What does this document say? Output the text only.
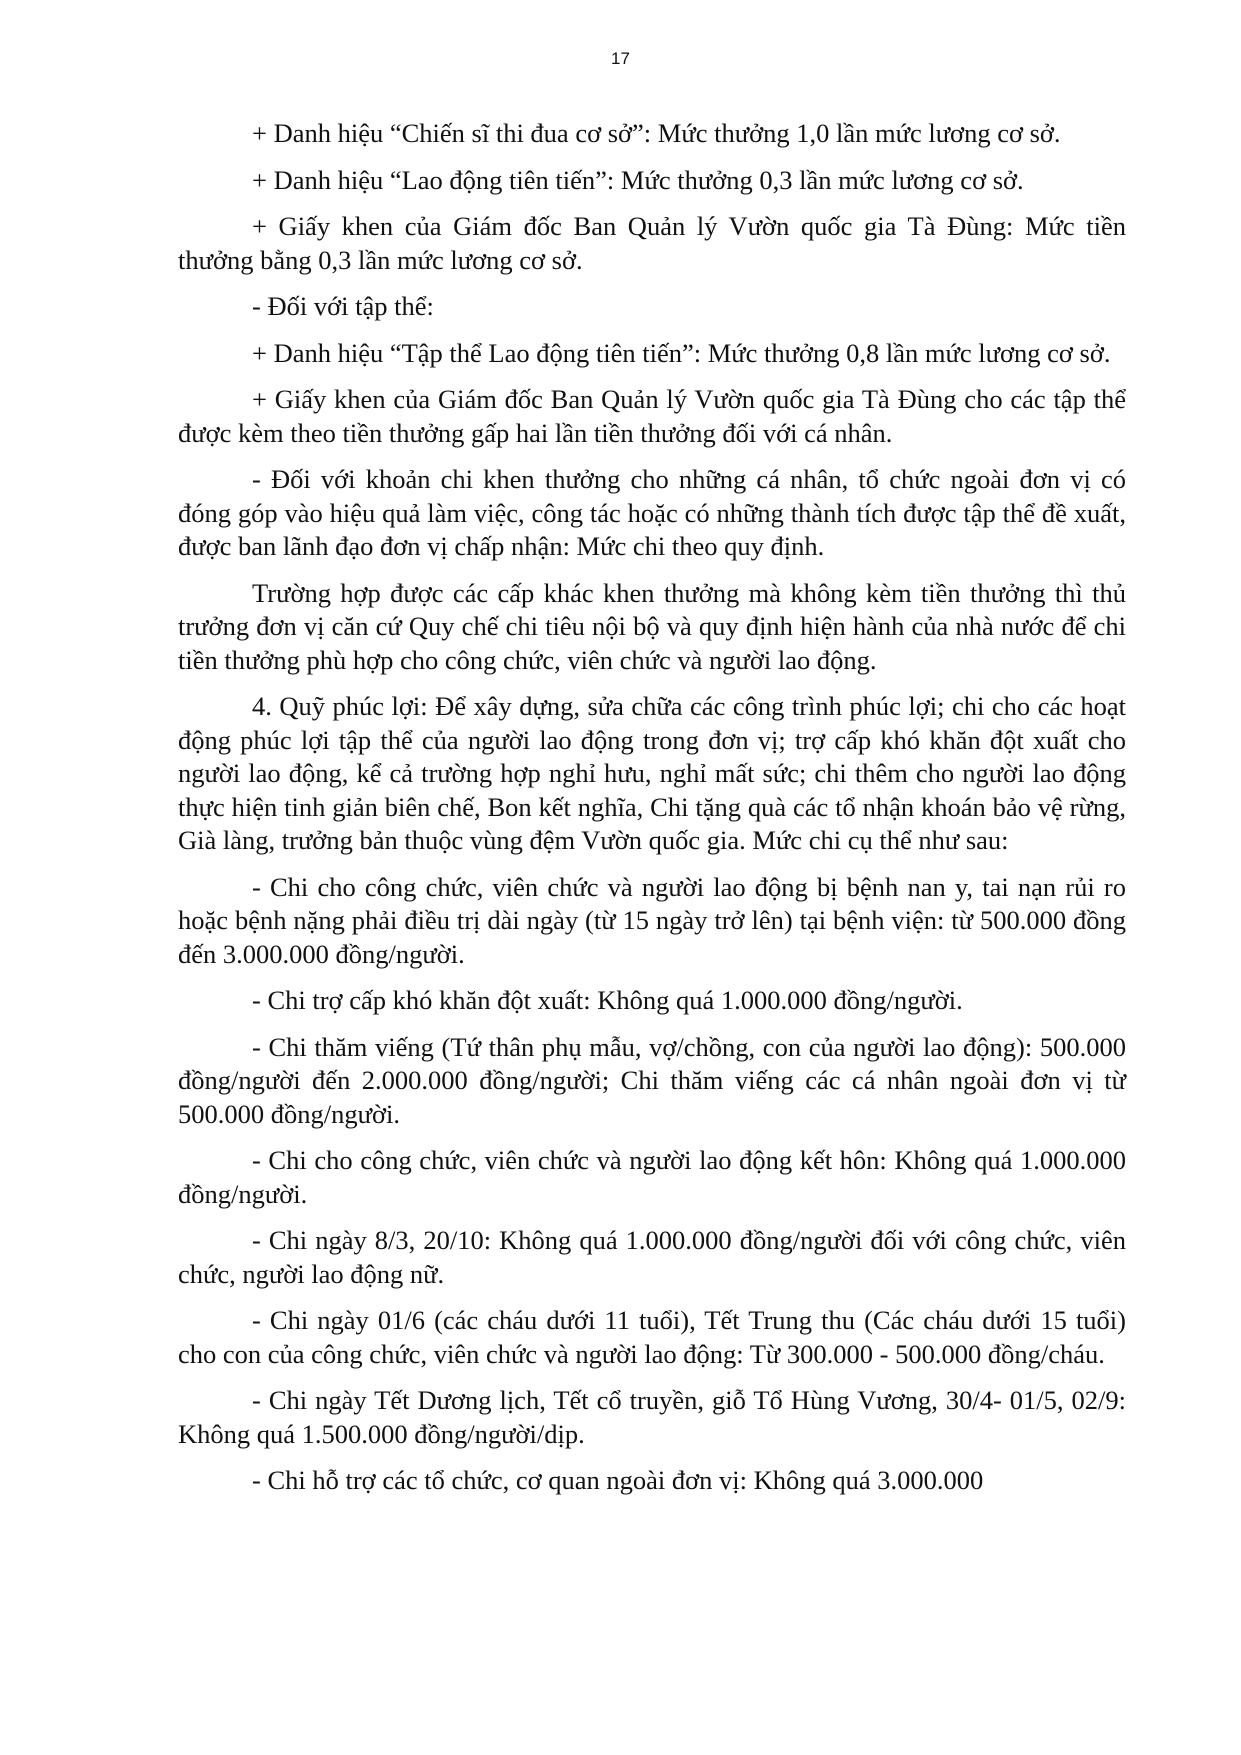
17

+ Danh hiệu “Chiến sĩ thi đua cơ sở”: Mức thưởng 1,0 lần mức lương cơ sở.

+ Danh hiệu “Lao động tiên tiến”: Mức thưởng 0,3 lần mức lương cơ sở.

+ Giấy khen của Giám đốc Ban Quản lý Vườn quốc gia Tà Đùng: Mức tiền thưởng bằng 0,3 lần mức lương cơ sở.

- Đối với tập thể:

+ Danh hiệu “Tập thể Lao động tiên tiến”: Mức thưởng 0,8 lần mức lương cơ sở.

+ Giấy khen của Giám đốc Ban Quản lý Vườn quốc gia Tà Đùng cho các tập thể được kèm theo tiền thưởng gấp hai lần tiền thưởng đối với cá nhân.

- Đối với khoản chi khen thưởng cho những cá nhân, tổ chức ngoài đơn vị có đóng góp vào hiệu quả làm việc, công tác hoặc có những thành tích được tập thể đề xuất, được ban lãnh đạo đơn vị chấp nhận: Mức chi theo quy định.

Trường hợp được các cấp khác khen thưởng mà không kèm tiền thưởng thì thủ trưởng đơn vị căn cứ Quy chế chi tiêu nội bộ và quy định hiện hành của nhà nước để chi tiền thưởng phù hợp cho công chức, viên chức và người lao động.

4. Quỹ phúc lợi: Để xây dựng, sửa chữa các công trình phúc lợi; chi cho các hoạt động phúc lợi tập thể của người lao động trong đơn vị; trợ cấp khó khăn đột xuất cho người lao động, kể cả trường hợp nghỉ hưu, nghỉ mất sức; chi thêm cho người lao động thực hiện tinh giản biên chế, Bon kết nghĩa, Chi tặng quà các tổ nhận khoán bảo vệ rừng, Già làng, trưởng bản thuộc vùng đệm Vườn quốc gia. Mức chi cụ thể như sau:

- Chi cho công chức, viên chức và người lao động bị bệnh nan y, tai nạn rủi ro hoặc bệnh nặng phải điều trị dài ngày (từ 15 ngày trở lên) tại bệnh viện: từ 500.000 đồng đến 3.000.000 đồng/người.

- Chi trợ cấp khó khăn đột xuất: Không quá 1.000.000 đồng/người.

- Chi thăm viếng (Tứ thân phụ mẫu, vợ/chồng, con của người lao động): 500.000 đồng/người đến 2.000.000 đồng/người; Chi thăm viếng các cá nhân ngoài đơn vị từ 500.000 đồng/người.

- Chi cho công chức, viên chức và người lao động kết hôn: Không quá 1.000.000 đồng/người.

- Chi ngày 8/3, 20/10: Không quá 1.000.000 đồng/người đối với công chức, viên chức, người lao động nữ.

- Chi ngày 01/6 (các cháu dưới 11 tuổi), Tết Trung thu (Các cháu dưới 15 tuổi) cho con của công chức, viên chức và người lao động: Từ 300.000 - 500.000 đồng/cháu.

- Chi ngày Tết Dương lịch, Tết cổ truyền, giỗ Tổ Hùng Vương, 30/4- 01/5, 02/9: Không quá 1.500.000 đồng/người/dịp.

- Chi hỗ trợ các tổ chức, cơ quan ngoài đơn vị: Không quá 3.000.000
